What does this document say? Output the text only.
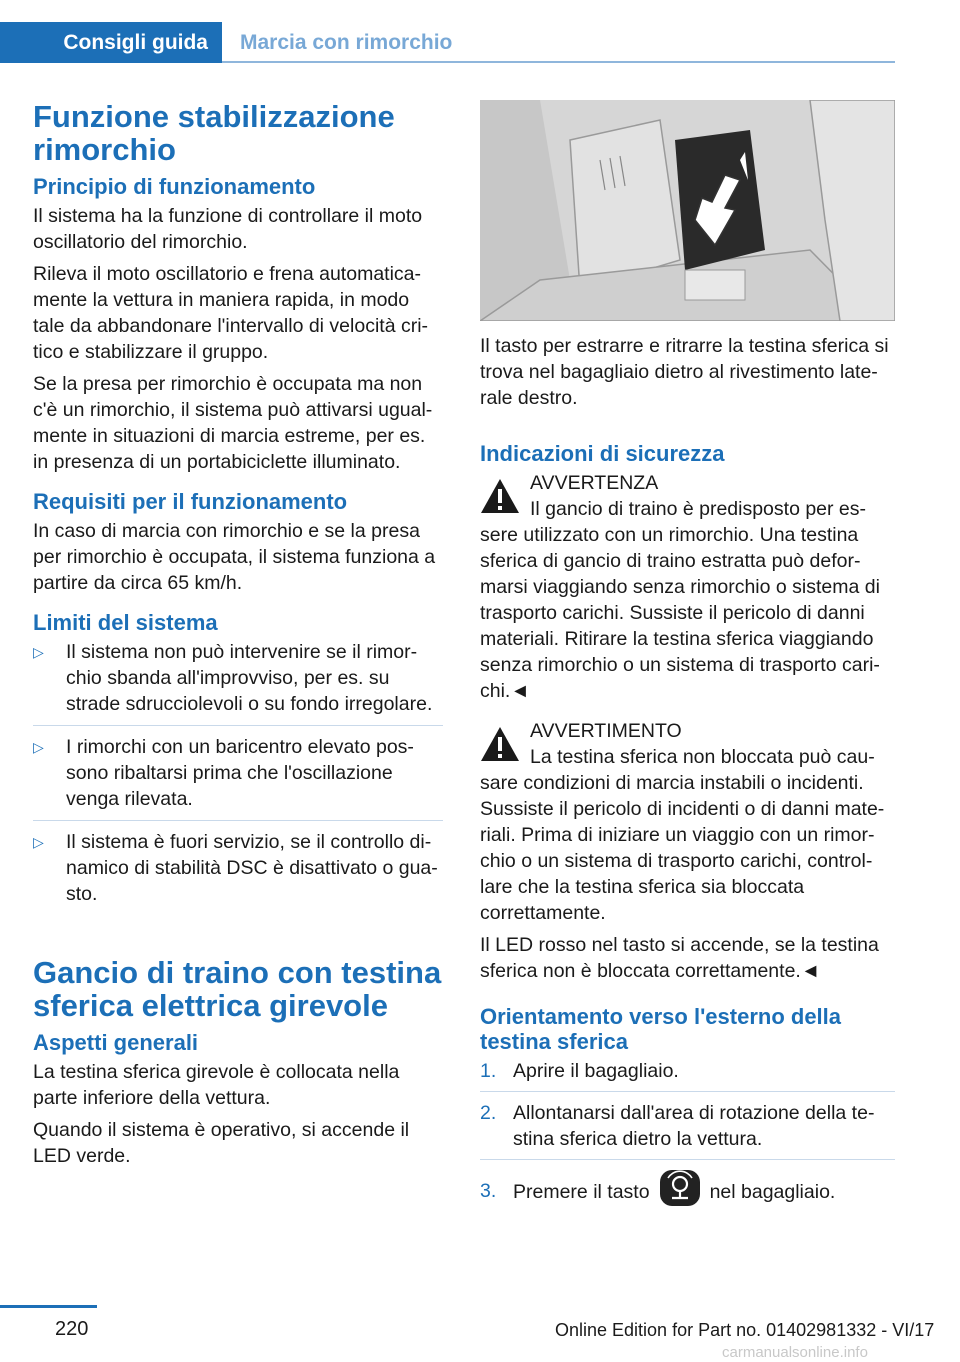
Consigli guida Marcia con rimorchio
Funzione stabilizzazione rimorchio
Principio di funzionamento

Il sistema ha la funzione di controllare il moto oscillatorio del rimorchio.

Rileva il moto oscillatorio e frena automatica-mente la vettura in maniera rapida, in modo tale da abbandonare l'intervallo di velocità cri-tico e stabilizzare il gruppo.

Se la presa per rimorchio è occupata ma non c'è un rimorchio, il sistema può attivarsi ugual-mente in situazioni di marcia estreme, per es. in presenza di un portabiciclette illuminato.

Requisiti per il funzionamento

In caso di marcia con rimorchio e se la presa per rimorchio è occupata, il sistema funziona a partire da circa 65 km/h.

Limiti del sistema
▷ Il sistema non può intervenire se il rimor-chio sbanda all'improvviso, per es. su strade sdrucciolevoli o su fondo irregolare.
▷ I rimorchi con un baricentro elevato pos-sono ribaltarsi prima che l'oscillazione venga rilevata.
▷ Il sistema è fuori servizio, se il controllo di-namico di stabilità DSC è disattivato o gua-sto.
Gancio di traino con testina sferica elettrica girevole
Aspetti generali

La testina sferica girevole è collocata nella parte inferiore della vettura.

Quando il sistema è operativo, si accende il LED verde.

Il tasto per estrarre e ritrarre la testina sferica si trova nel bagagliaio dietro al rivestimento late-rale destro.

Indicazioni di sicurezza
AVVERTENZA

Il gancio di traino è predisposto per es-sere utilizzato con un rimorchio. Una testina sferica di gancio di traino estratta può defor-marsi viaggiando senza rimorchio o sistema di trasporto carichi. Sussiste il pericolo di danni materiali. Ritirare la testina sferica viaggiando senza rimorchio o un sistema di trasporto cari-chi.◄

AVVERTIMENTO

La testina sferica non bloccata può cau-sare condizioni di marcia instabili o incidenti. Sussiste il pericolo di incidenti o di danni mate-riali. Prima di iniziare un viaggio con un rimor-chio o un sistema di trasporto carichi, control-lare che la testina sferica sia bloccata correttamente.

Il LED rosso nel tasto si accende, se la testina sferica non è bloccata correttamente.◄

Orientamento verso l'esterno della testina sferica
1. Aprire il bagagliaio.
2. Allontanarsi dall'area di rotazione della te-stina sferica dietro la vettura.
3. Premere il tasto	nel bagagliaio.
220	Online Edition for Part no. 01402981332 - VI/17
carmanualsonline.info
